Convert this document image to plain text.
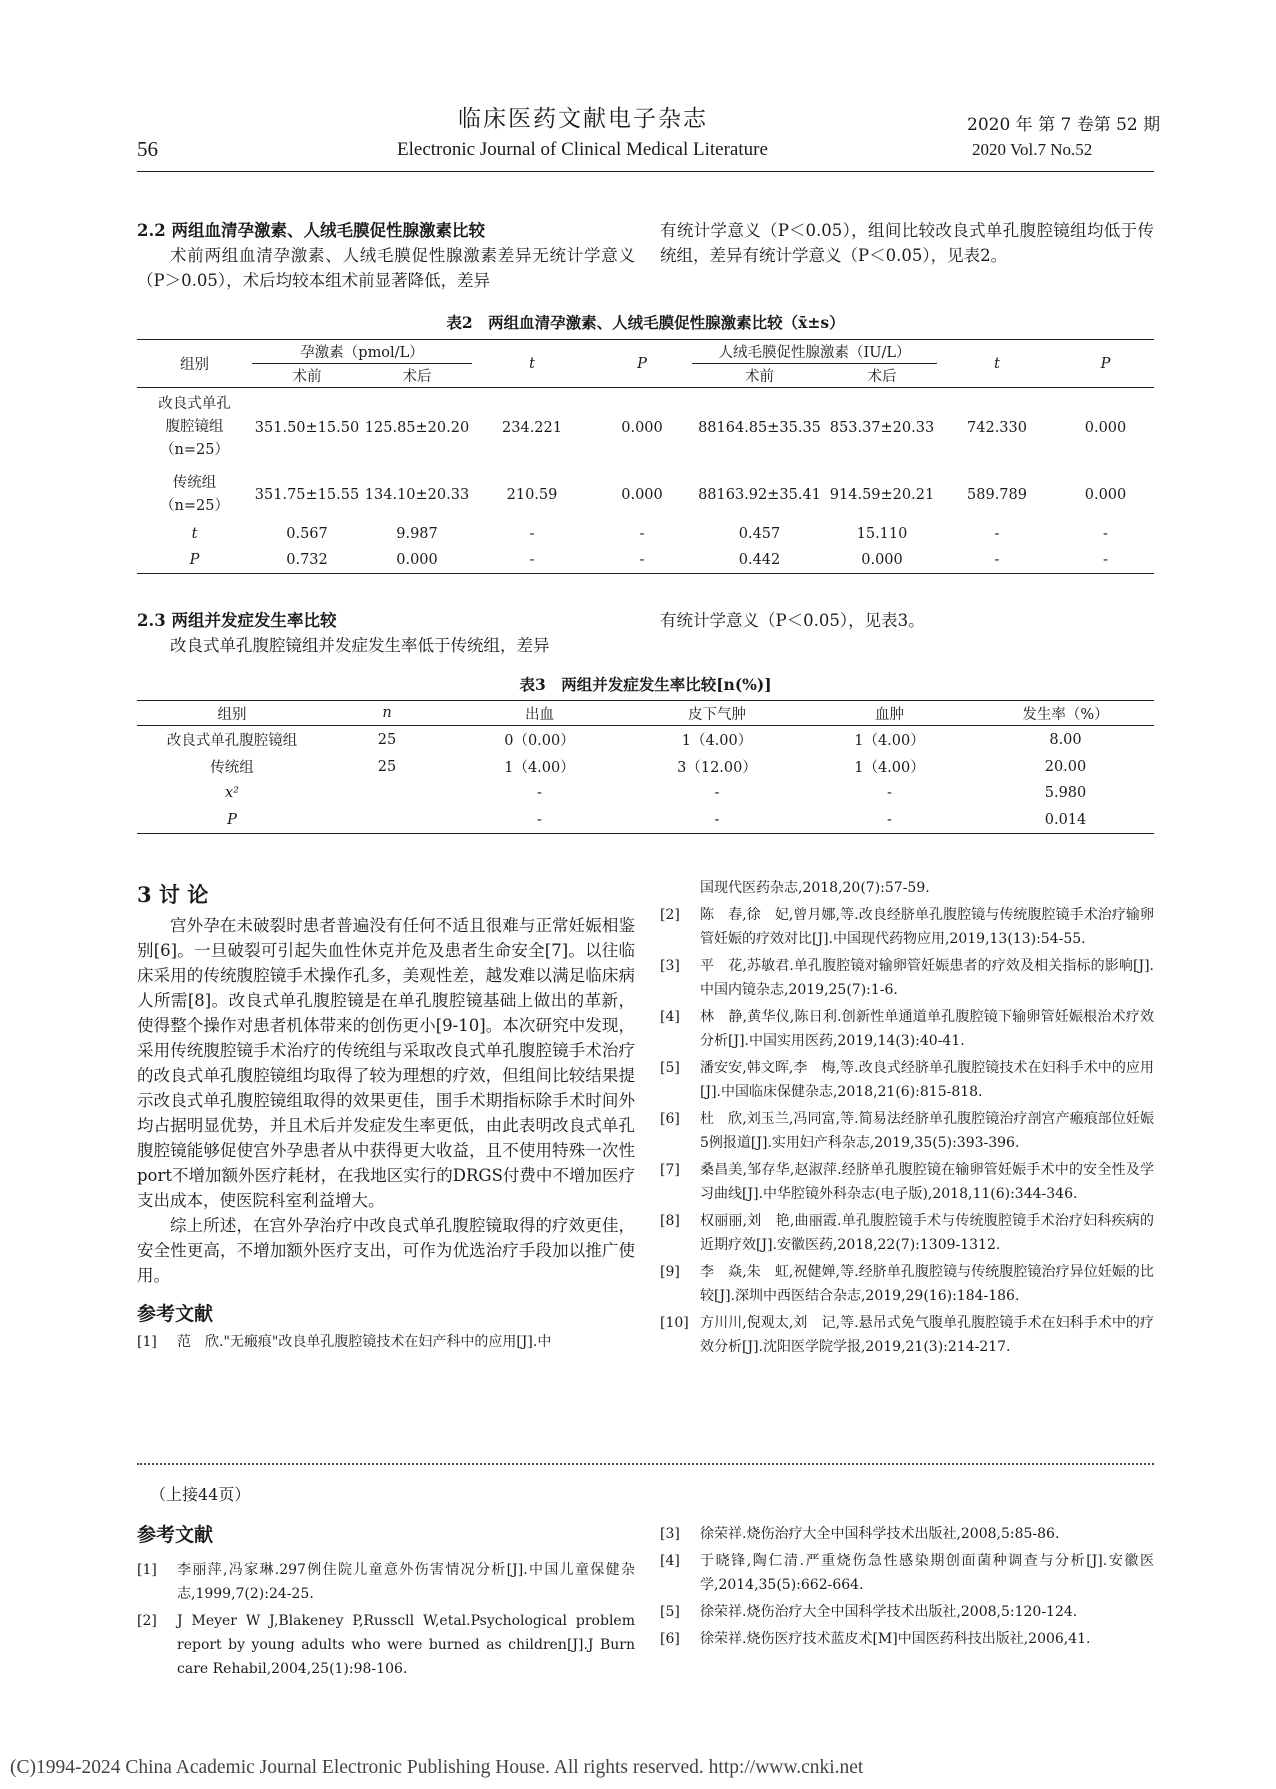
临床医药文献电子杂志
Electronic Journal of Clinical Medical Literature
56
2020 年 第 7 卷第 52 期
2020 Vol.7 No.52
2.2 两组血清孕激素、人绒毛膜促性腺激素比较

术前两组血清孕激素、人绒毛膜促性腺激素差异无统计学意义（P＞0.05），术后均较本组术前显著降低，差异

有统计学意义（P＜0.05），组间比较改良式单孔腹腔镜组均低于传统组，差异有统计学意义（P＜0.05），见表2。
表2　两组血清孕激素、人绒毛膜促性腺激素比较（x̄±s）
组别	孕激素（pmol/L）		t	P	人绒毛膜促性腺激素（IU/L）		t	P
	术前	术后			术前	术后		

改良式单孔
腹腔镜组
（n=25）	351.50±15.50	125.85±20.20	234.221	0.000	88164.85±35.35	853.37±20.33	742.330	0.000

传统组
（n=25）	351.75±15.55	134.10±20.33	210.59	0.000	88163.92±35.41	914.59±20.21	589.789	0.000
t	0.567	9.987	-	-	0.457	15.110	-	-
P	0.732	0.000	-	-	0.442	0.000	-	-
2.3 两组并发症发生率比较

改良式单孔腹腔镜组并发症发生率低于传统组，差异

有统计学意义（P＜0.05），见表3。
表3　两组并发症发生率比较[n(%)]
组别	n	出血	皮下气肿	血肿	发生率（%）
改良式单孔腹腔镜组	25	0（0.00）	1（4.00）	1（4.00）	8.00
传统组	25	1（4.00）	3（12.00）	1（4.00）	20.00
x²		-	-	-	5.980
P		-	-	-	0.014
3 讨 论

宫外孕在未破裂时患者普遍没有任何不适且很难与正常妊娠相鉴别[6]。一旦破裂可引起失血性休克并危及患者生命安全[7]。以往临床采用的传统腹腔镜手术操作孔多，美观性差，越发难以满足临床病人所需[8]。改良式单孔腹腔镜是在单孔腹腔镜基础上做出的革新，使得整个操作对患者机体带来的创伤更小[9-10]。本次研究中发现，采用传统腹腔镜手术治疗的传统组与采取改良式单孔腹腔镜手术治疗的改良式单孔腹腔镜组均取得了较为理想的疗效，但组间比较结果提示改良式单孔腹腔镜组取得的效果更佳，围手术期指标除手术时间外均占据明显优势，并且术后并发症发生率更低，由此表明改良式单孔腹腔镜能够促使宫外孕患者从中获得更大收益，且不使用特殊一次性port不增加额外医疗耗材，在我地区实行的DRGS付费中不增加医疗支出成本，使医院科室利益增大。

综上所述，在宫外孕治疗中改良式单孔腹腔镜取得的疗效更佳，安全性更高，不增加额外医疗支出，可作为优选治疗手段加以推广使用。

参考文献
[1]	范　欣."无瘢痕"改良单孔腹腔镜技术在妇产科中的应用[J].中
国现代医药杂志,2018,20(7):57-59.
[2]	陈　春,徐　妃,曾月娜,等.改良经脐单孔腹腔镜与传统腹腔镜手术治疗输卵管妊娠的疗效对比[J].中国现代药物应用,2019,13(13):54-55.
[3]	平　花,苏敏君.单孔腹腔镜对输卵管妊娠患者的疗效及相关指标的影响[J].中国内镜杂志,2019,25(7):1-6.
[4]	林　静,黄华仪,陈日利.创新性单通道单孔腹腔镜下输卵管妊娠根治术疗效分析[J].中国实用医药,2019,14(3):40-41.
[5]	潘安安,韩文晖,李　梅,等.改良式经脐单孔腹腔镜技术在妇科手术中的应用[J].中国临床保健杂志,2018,21(6):815-818.
[6]	杜　欣,刘玉兰,冯同富,等.简易法经脐单孔腹腔镜治疗剖宫产瘢痕部位妊娠5例报道[J].实用妇产科杂志,2019,35(5):393-396.
[7]	桑昌美,邹存华,赵淑萍.经脐单孔腹腔镜在输卵管妊娠手术中的安全性及学习曲线[J].中华腔镜外科杂志(电子版),2018,11(6):344-346.
[8]	权丽丽,刘　艳,曲丽霞.单孔腹腔镜手术与传统腹腔镜手术治疗妇科疾病的近期疗效[J].安徽医药,2018,22(7):1309-1312.
[9]	李　焱,朱　虹,祝健婵,等.经脐单孔腹腔镜与传统腹腔镜治疗异位妊娠的比较[J].深圳中西医结合杂志,2019,29(16):184-186.
[10] 方川川,倪观太,刘　记,等.悬吊式免气腹单孔腹腔镜手术在妇科手术中的疗效分析[J].沈阳医学院学报,2019,21(3):214-217.
（上接44页）
参考文献
[1]	李丽萍,冯家琳.297例住院儿童意外伤害情况分析[J].中国儿童保健杂志,1999,7(2):24-25.
[2]	J Meyer W J,Blakeney P,Russcll W,etal.Psychological problem report by young adults who were burned as children[J].J Burn care Rehabil,2004,25(1):98-106.
[3]	徐荣祥.烧伤治疗大全中国科学技术出版社,2008,5:85-86.
[4]	于晓锋,陶仁清.严重烧伤急性感染期创面菌种调查与分析[J].安徽医学,2014,35(5):662-664.
[5]	徐荣祥.烧伤治疗大全中国科学技术出版社,2008,5:120-124.
[6]	徐荣祥.烧伤医疗技术蓝皮术[M]中国医药科技出版社,2006,41.
(C)1994-2024 China Academic Journal Electronic Publishing House. All rights reserved. http://www.cnki.net
